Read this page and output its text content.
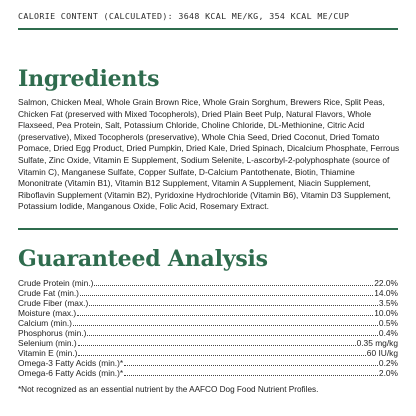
CALORIE CONTENT (CALCULATED): 3648 KCAL ME/KG, 354 KCAL ME/CUP
Ingredients

Salmon, Chicken Meal, Whole Grain Brown Rice, Whole Grain Sorghum, Brewers Rice, Split Peas, Chicken Fat (preserved with Mixed Tocopherols), Dried Plain Beet Pulp, Natural Flavors, Whole Flaxseed, Pea Protein, Salt, Potassium Chloride, Choline Chloride, DL-Methionine, Citric Acid (preservative), Mixed Tocopherols (preservative), Whole Chia Seed, Dried Coconut, Dried Tomato Pomace, Dried Egg Product, Dried Pumpkin, Dried Kale, Dried Spinach, Dicalcium Phosphate, Ferrous Sulfate, Zinc Oxide, Vitamin E Supplement, Sodium Selenite, L-ascorbyl-2-polyphosphate (source of Vitamin C), Manganese Sulfate, Copper Sulfate, D-Calcium Pantothenate, Biotin, Thiamine Mononitrate (Vitamin B1), Vitamin B12 Supplement, Vitamin A Supplement, Niacin Supplement, Riboflavin Supplement (Vitamin B2), Pyridoxine Hydrochloride (Vitamin B6), Vitamin D3 Supplement, Potassium Iodide, Manganous Oxide, Folic Acid, Rosemary Extract.

Guaranteed Analysis
Crude Protein (min.)	22.0%
Crude Fat (min.)	14.0%
Crude Fiber (max.)	3.5%
Moisture (max.)	10.0%
Calcium (min.)	0.5%
Phosphorus (min.)	0.4%
Selenium (min.)	0.35 mg/kg
Vitamin E (min.)	60 IU/kg
Omega-3 Fatty Acids (min.)*	0.2%
Omega-6 Fatty Acids (min.)*	2.0%

*Not recognized as an essential nutrient by the AAFCO Dog Food Nutrient Profiles.
